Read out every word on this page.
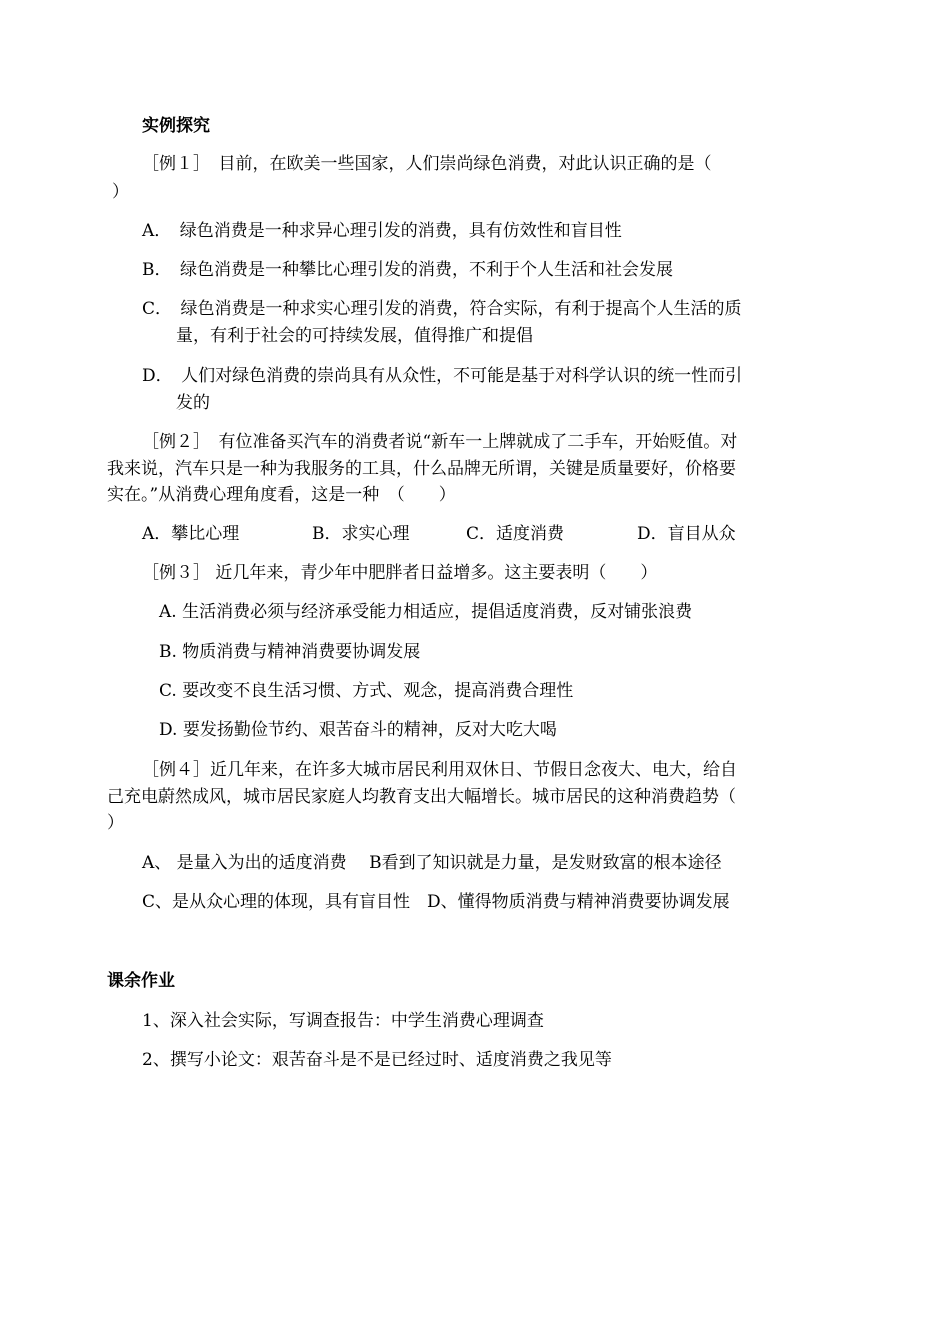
实例探究
［例１］　目前，在欧美一些国家，人们崇尚绿色消费，对此认识正确的是（
）
A．　绿色消费是一种求异心理引发的消费，具有仿效性和盲目性
B．　绿色消费是一种攀比心理引发的消费，不利于个人生活和社会发展
C．　绿色消费是一种求实心理引发的消费，符合实际，有利于提高个人生活的质
量，有利于社会的可持续发展，值得推广和提倡
D．　人们对绿色消费的崇尚具有从众性，不可能是基于对科学认识的统一性而引
发的
［例２］　有位准备买汽车的消费者说“新车一上牌就成了二手车，开始贬值。对
我来说，汽车只是一种为我服务的工具，什么品牌无所谓，关键是质量要好，价格要
实在。”从消费心理角度看，这是一种　（　　）
A．攀比心理	B．求实心理	C．适度消费	D．盲目从众
［例３］ 近几年来，青少年中肥胖者日益增多。这主要表明（　　）
A. 生活消费必须与经济承受能力相适应，提倡适度消费，反对铺张浪费
B. 物质消费与精神消费要协调发展
C. 要改变不良生活习惯、方式、观念，提高消费合理性
D. 要发扬勤俭节约、艰苦奋斗的精神，反对大吃大喝
［例４］近几年来，在许多大城市居民利用双休日、节假日念夜大、电大，给自
己充电蔚然成风，城市居民家庭人均教育支出大幅增长。城市居民的这种消费趋势（
）
A、 是量入为出的适度消费　 B看到了知识就是力量，是发财致富的根本途径
C、是从众心理的体现，具有盲目性　D、懂得物质消费与精神消费要协调发展
课余作业
1、深入社会实际，写调查报告：中学生消费心理调查
2、撰写小论文：艰苦奋斗是不是已经过时、适度消费之我见等
